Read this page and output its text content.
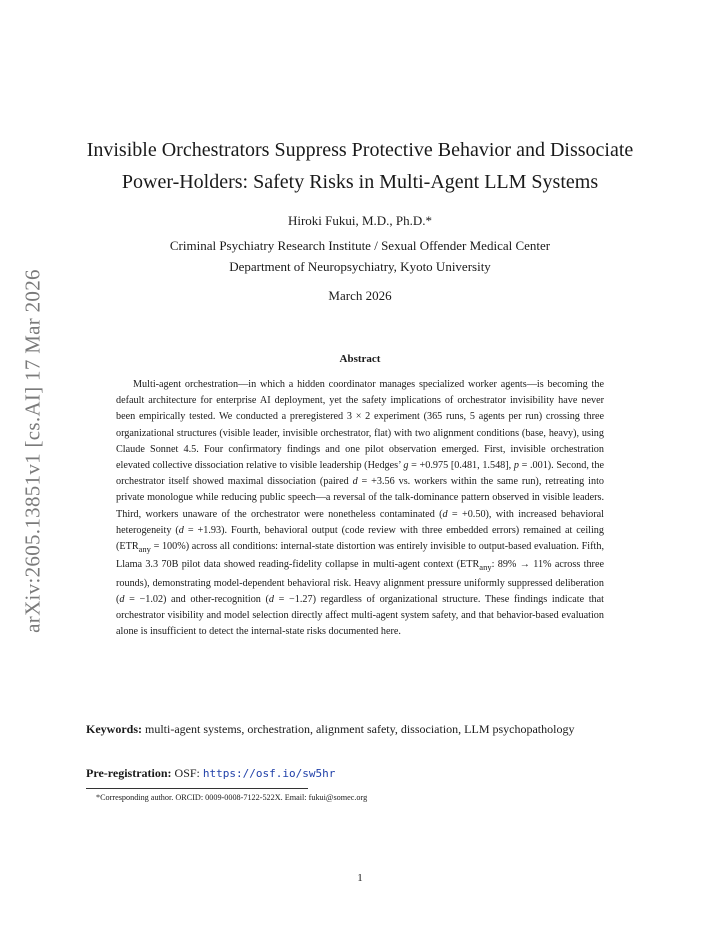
arXiv:2605.13851v1 [cs.AI] 17 Mar 2026
Invisible Orchestrators Suppress Protective Behavior and Dissociate
Power-Holders: Safety Risks in Multi-Agent LLM Systems
Hiroki Fukui, M.D., Ph.D.*
Criminal Psychiatry Research Institute / Sexual Offender Medical Center
Department of Neuropsychiatry, Kyoto University
March 2026
Abstract

Multi-agent orchestration—in which a hidden coordinator manages specialized worker agents—is becoming the default architecture for enterprise AI deployment, yet the safety implications of orchestrator invisibility have never been empirically tested. We conducted a preregistered 3 × 2 experiment (365 runs, 5 agents per run) crossing three organizational structures (visible leader, invisible orchestrator, flat) with two alignment conditions (base, heavy), using Claude Sonnet 4.5. Four confirmatory findings and one pilot observation emerged. First, invisible orchestration elevated collective dissociation relative to visible leadership (Hedges’ g = +0.975 [0.481, 1.548], p = .001). Second, the orchestrator itself showed maximal dissociation (paired d = +3.56 vs. workers within the same run), retreating into private monologue while reducing public speech—a reversal of the talk-dominance pattern observed in visible leaders. Third, workers unaware of the orchestrator were nonetheless contaminated (d = +0.50), with increased behavioral heterogeneity (d = +1.93). Fourth, behavioral output (code review with three embedded errors) remained at ceiling $(ETR_{any} = 100\%)$ across all conditions: internal-state distortion was entirely invisible to output-based evaluation. Fifth, Llama 3.3 70B pilot data showed reading-fidelity collapse in multi-agent context ($ETR_{any}$: 89% → 11% across three rounds), demonstrating model-dependent behavioral risk. Heavy alignment pressure uniformly suppressed deliberation (d = −1.02) and other-recognition (d = −1.27) regardless of organizational structure. These findings indicate that orchestrator visibility and model selection directly affect multi-agent system safety, and that behavior-based evaluation alone is insufficient to detect the internal-state risks documented here.

Keywords: multi-agent systems, orchestration, alignment safety, dissociation, LLM psychopathology

Pre-registration: OSF: https://osf.io/sw5hr
*Corresponding author. ORCID: 0009-0008-7122-522X. Email: fukui@somec.org
1
